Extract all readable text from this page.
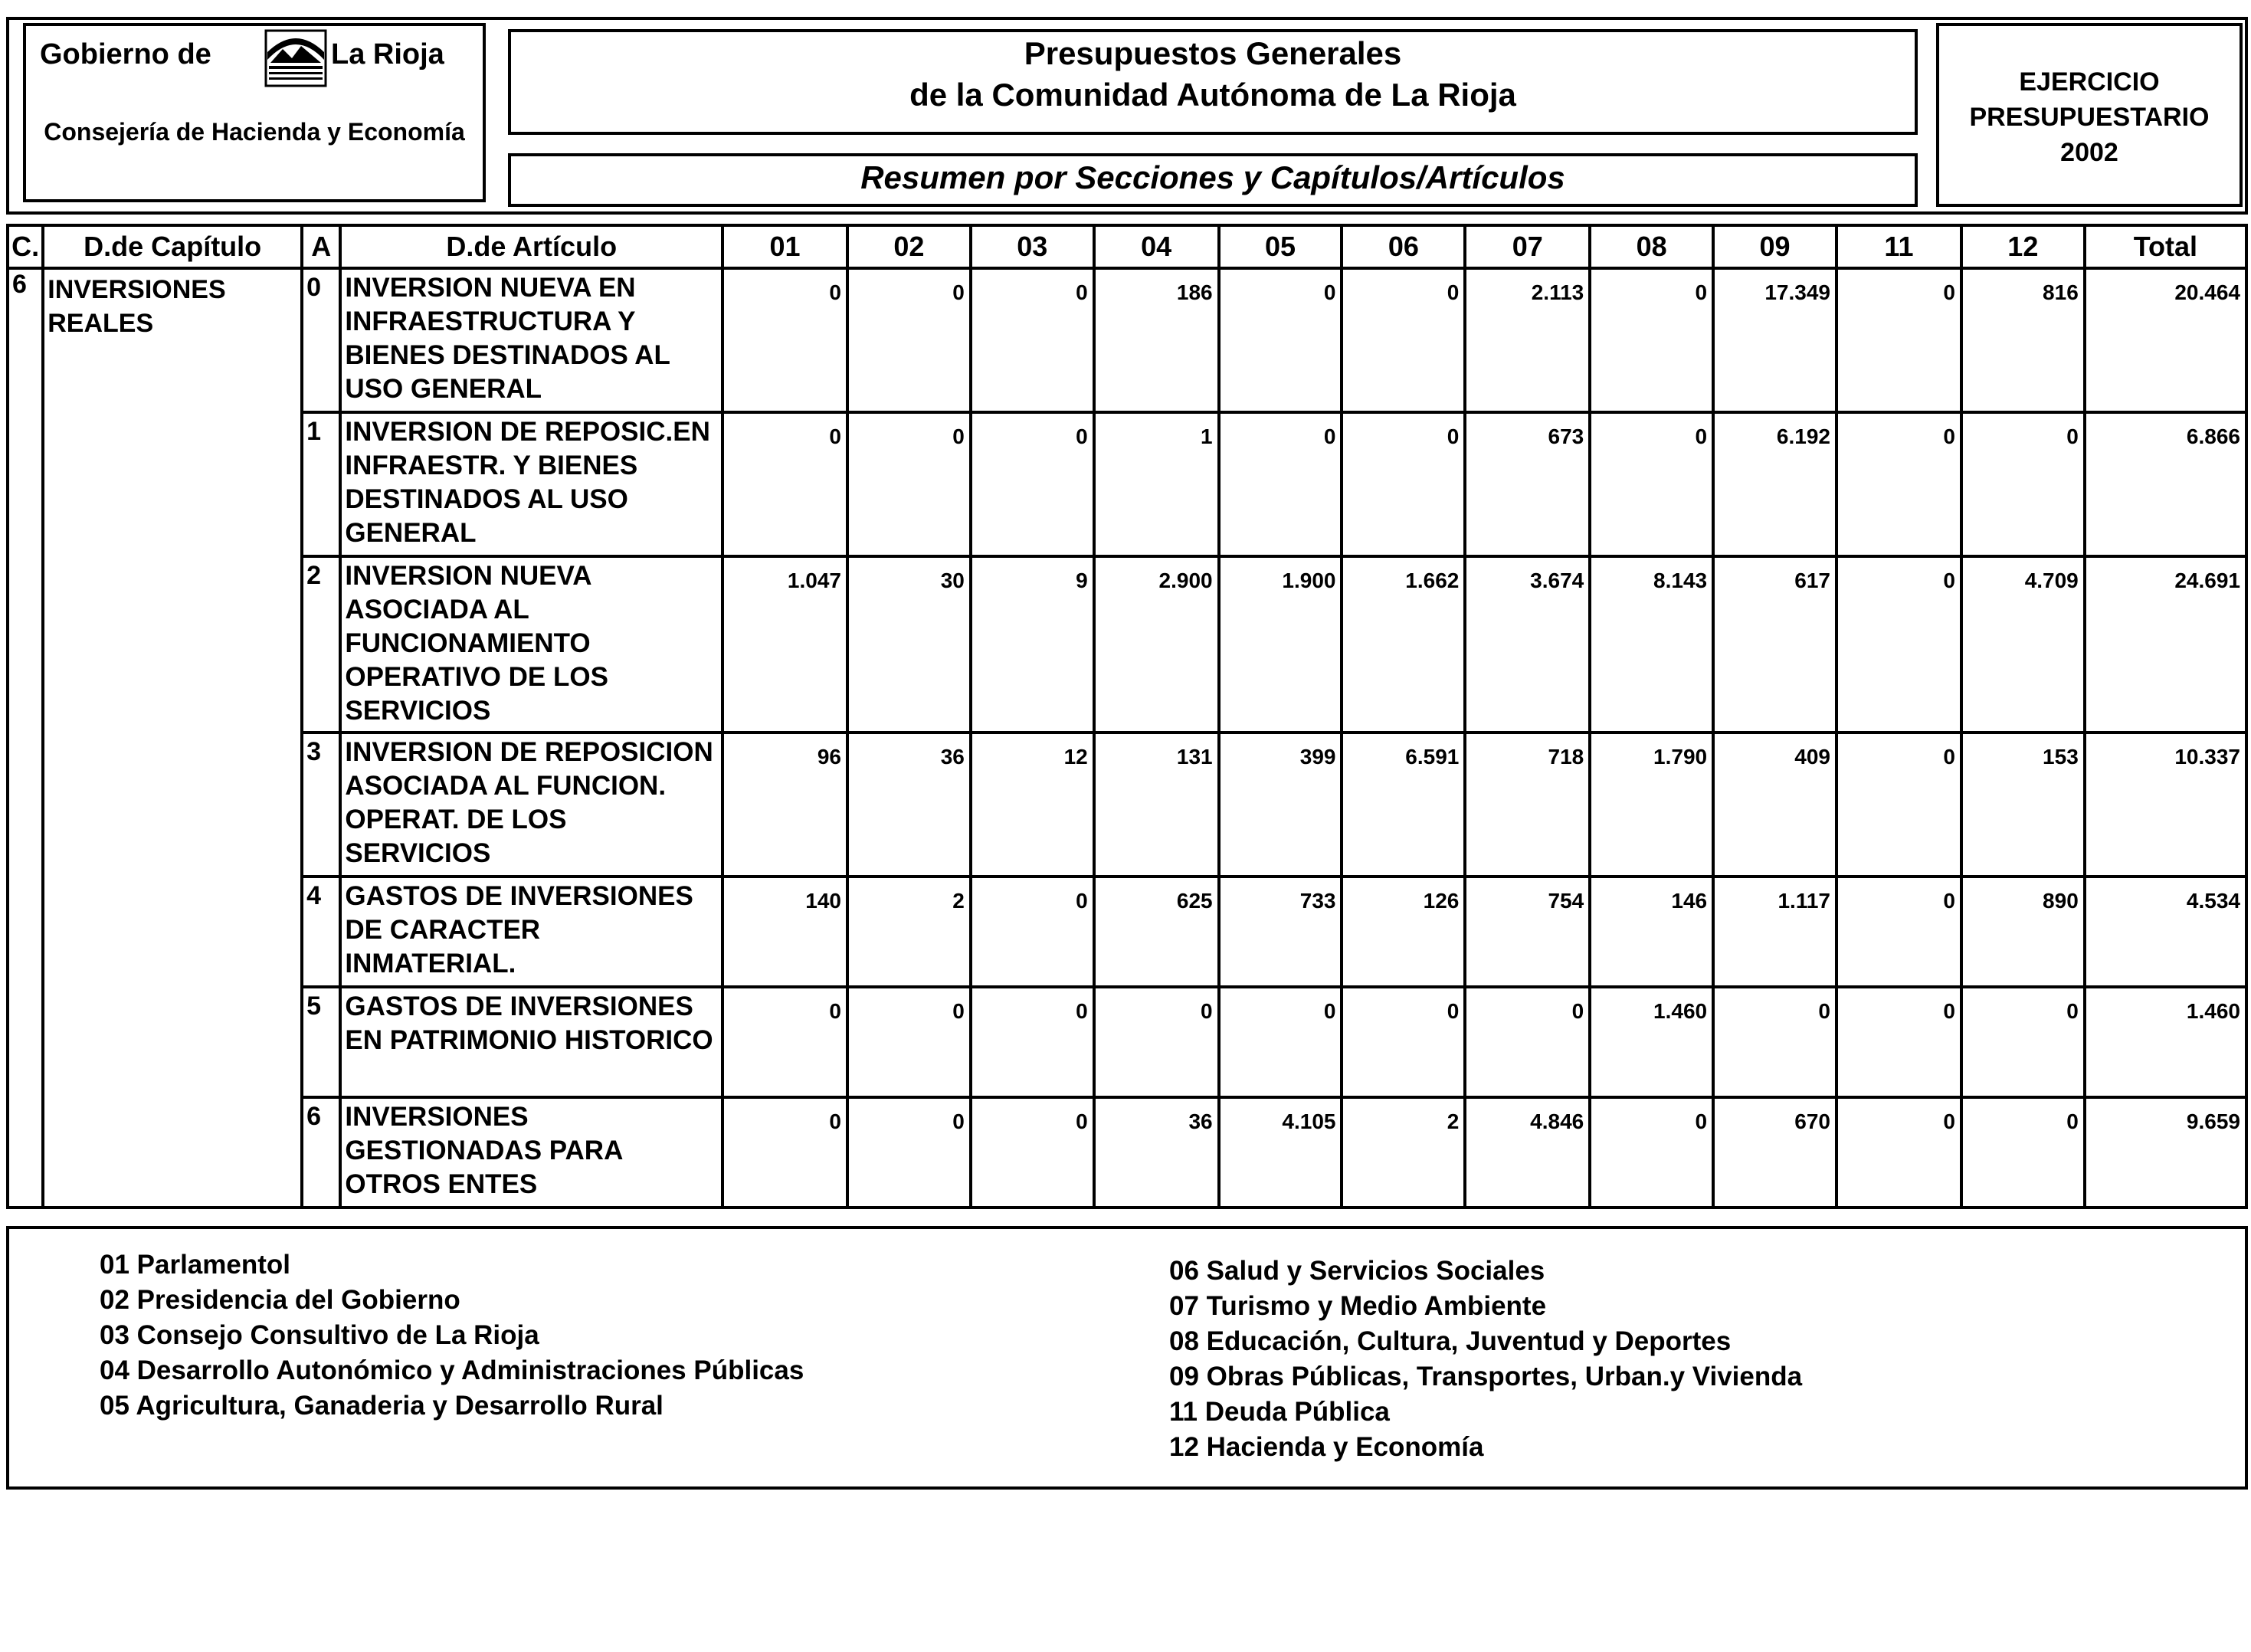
Gobierno de	La Rioja
Consejería de Hacienda y Economía
Presupuestos Generales
de la Comunidad Autónoma de La Rioja
Resumen por Secciones y Capítulos/Artículos
EJERCICIO
PRESUPUESTARIO
2002
C.	D.de Capítulo	A	D.de Artículo	01	02	03	04	05	06	07	08	09	11	12	Total
6	INVERSIONES REALES	0	INVERSION NUEVA EN INFRAESTRUCTURA Y BIENES DESTINADOS AL USO GENERAL	0	0	0	186	0	0	2.113	0	17.349	0	816	20.464
		1	INVERSION DE REPOSIC.EN INFRAESTR. Y BIENES DESTINADOS AL USO GENERAL	0	0	0	1	0	0	673	0	6.192	0	0	6.866
		2	INVERSION NUEVA ASOCIADA AL FUNCIONAMIENTO OPERATIVO DE LOS SERVICIOS	1.047	30	9	2.900	1.900	1.662	3.674	8.143	617	0	4.709	24.691
		3	INVERSION DE REPOSICION ASOCIADA AL FUNCION. OPERAT. DE LOS SERVICIOS	96	36	12	131	399	6.591	718	1.790	409	0	153	10.337
		4	GASTOS DE INVERSIONES DE CARACTER INMATERIAL.	140	2	0	625	733	126	754	146	1.117	0	890	4.534
		5	GASTOS DE INVERSIONES EN PATRIMONIO HISTORICO	0	0	0	0	0	0	0	1.460	0	0	0	1.460
		6	INVERSIONES GESTIONADAS PARA OTROS ENTES	0	0	0	36	4.105	2	4.846	0	670	0	0	9.659
01 Parlamentol
02 Presidencia del Gobierno
03 Consejo Consultivo de La Rioja
04 Desarrollo Autonómico y Administraciones Públicas
05 Agricultura, Ganaderia y Desarrollo Rural
06 Salud y Servicios Sociales
07 Turismo y Medio Ambiente
08 Educación, Cultura, Juventud y Deportes
09 Obras Públicas, Transportes, Urban.y Vivienda
11 Deuda Pública
12 Hacienda y Economía
